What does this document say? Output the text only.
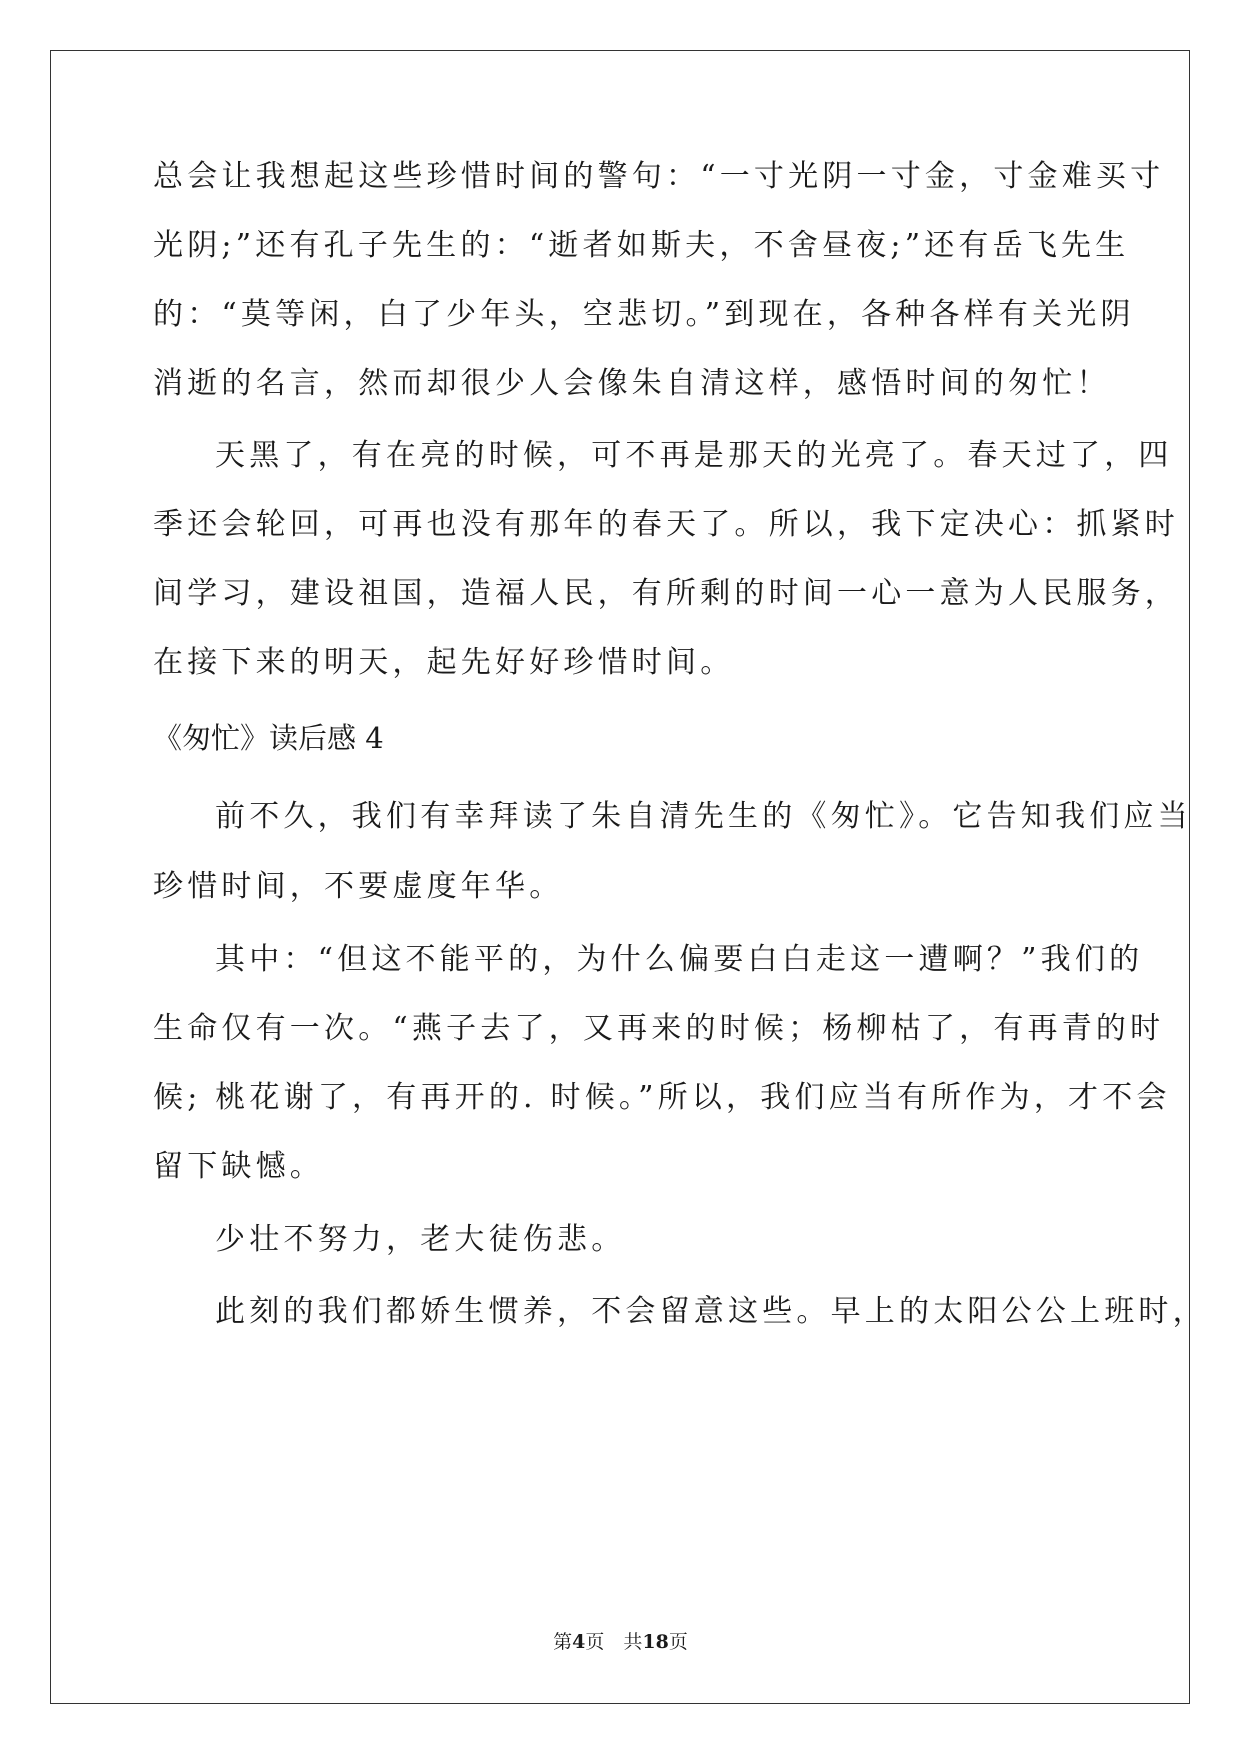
总会让我想起这些珍惜时间的警句：“一寸光阴一寸金，寸金难买寸
光阴;”还有孔子先生的：“逝者如斯夫，不舍昼夜;”还有岳飞先生
的：“莫等闲，白了少年头，空悲切。”到现在，各种各样有关光阴
消逝的名言，然而却很少人会像朱自清这样，感悟时间的匆忙！
天黑了，有在亮的时候，可不再是那天的光亮了。春天过了，四
季还会轮回，可再也没有那年的春天了。所以，我下定决心：抓紧时
间学习，建设祖国，造福人民，有所剩的时间一心一意为人民服务，
在接下来的明天，起先好好珍惜时间。
《匆忙》读后感 4
前不久，我们有幸拜读了朱自清先生的《匆忙》。它告知我们应当
珍惜时间，不要虚度年华。
其中：“但这不能平的，为什么偏要白白走这一遭啊？”我们的
生命仅有一次。“燕子去了，又再来的时候；杨柳枯了，有再青的时
候; 桃花谢了，有再开的. 时候。”所以，我们应当有所作为，才不会
留下缺憾。
少壮不努力，老大徒伤悲。
此刻的我们都娇生惯养，不会留意这些。早上的太阳公公上班时，
第4页　共18页
